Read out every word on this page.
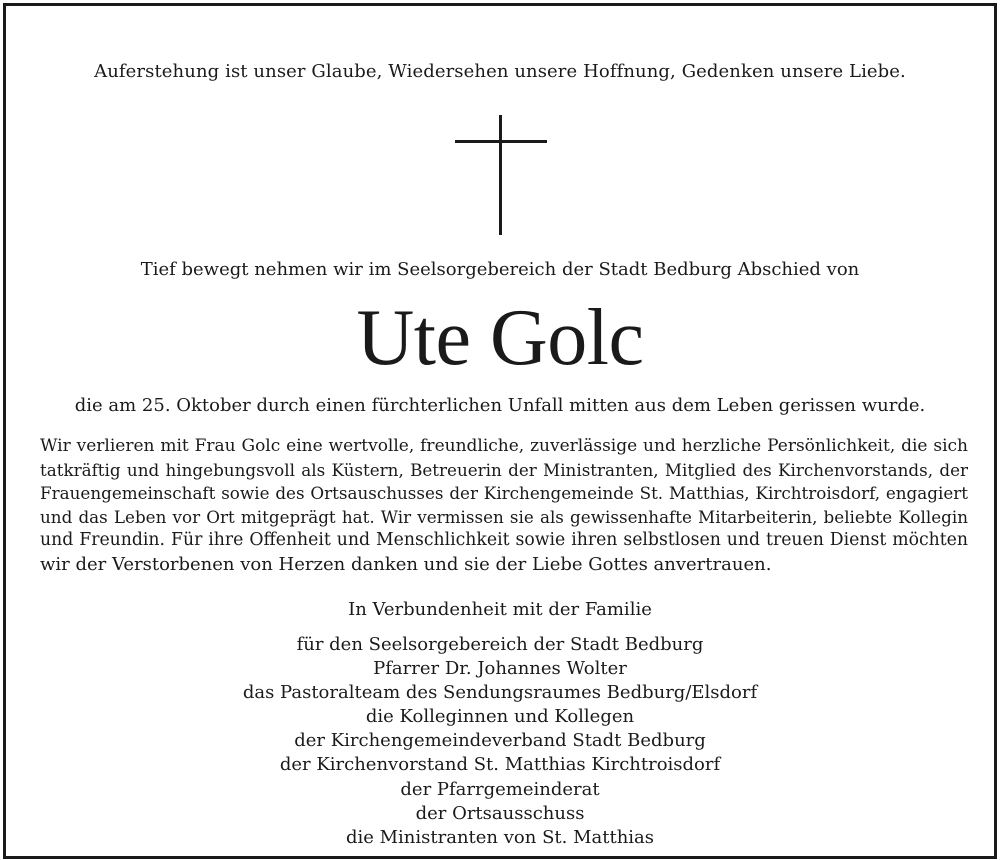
Auferstehung ist unser Glaube, Wiedersehen unsere Hoffnung, Gedenken unsere Liebe.
Tief bewegt nehmen wir im Seelsorgebereich der Stadt Bedburg Abschied von
Ute Golc
die am 25. Oktober durch einen fürchterlichen Unfall mitten aus dem Leben gerissen wurde.
Wir verlieren mit Frau Golc eine wertvolle, freundliche, zuverlässige und herzliche Persönlichkeit, die sich
tatkräftig und hingebungsvoll als Küstern, Betreuerin der Ministranten, Mitglied des Kirchenvorstands, der
Frauengemeinschaft sowie des Ortsauschusses der Kirchengemeinde St. Matthias, Kirchtroisdorf, engagiert
und das Leben vor Ort mitgeprägt hat. Wir vermissen sie als gewissenhafte Mitarbeiterin, beliebte Kollegin
und Freundin. Für ihre Offenheit und Menschlichkeit sowie ihren selbstlosen und treuen Dienst möchten
wir der Verstorbenen von Herzen danken und sie der Liebe Gottes anvertrauen.
In Verbundenheit mit der Familie
für den Seelsorgebereich der Stadt Bedburg
Pfarrer Dr. Johannes Wolter
das Pastoralteam des Sendungsraumes Bedburg/Elsdorf
die Kolleginnen und Kollegen
der Kirchengemeindeverband Stadt Bedburg
der Kirchenvorstand St. Matthias Kirchtroisdorf
der Pfarrgemeinderat
der Ortsausschuss
die Ministranten von St. Matthias
